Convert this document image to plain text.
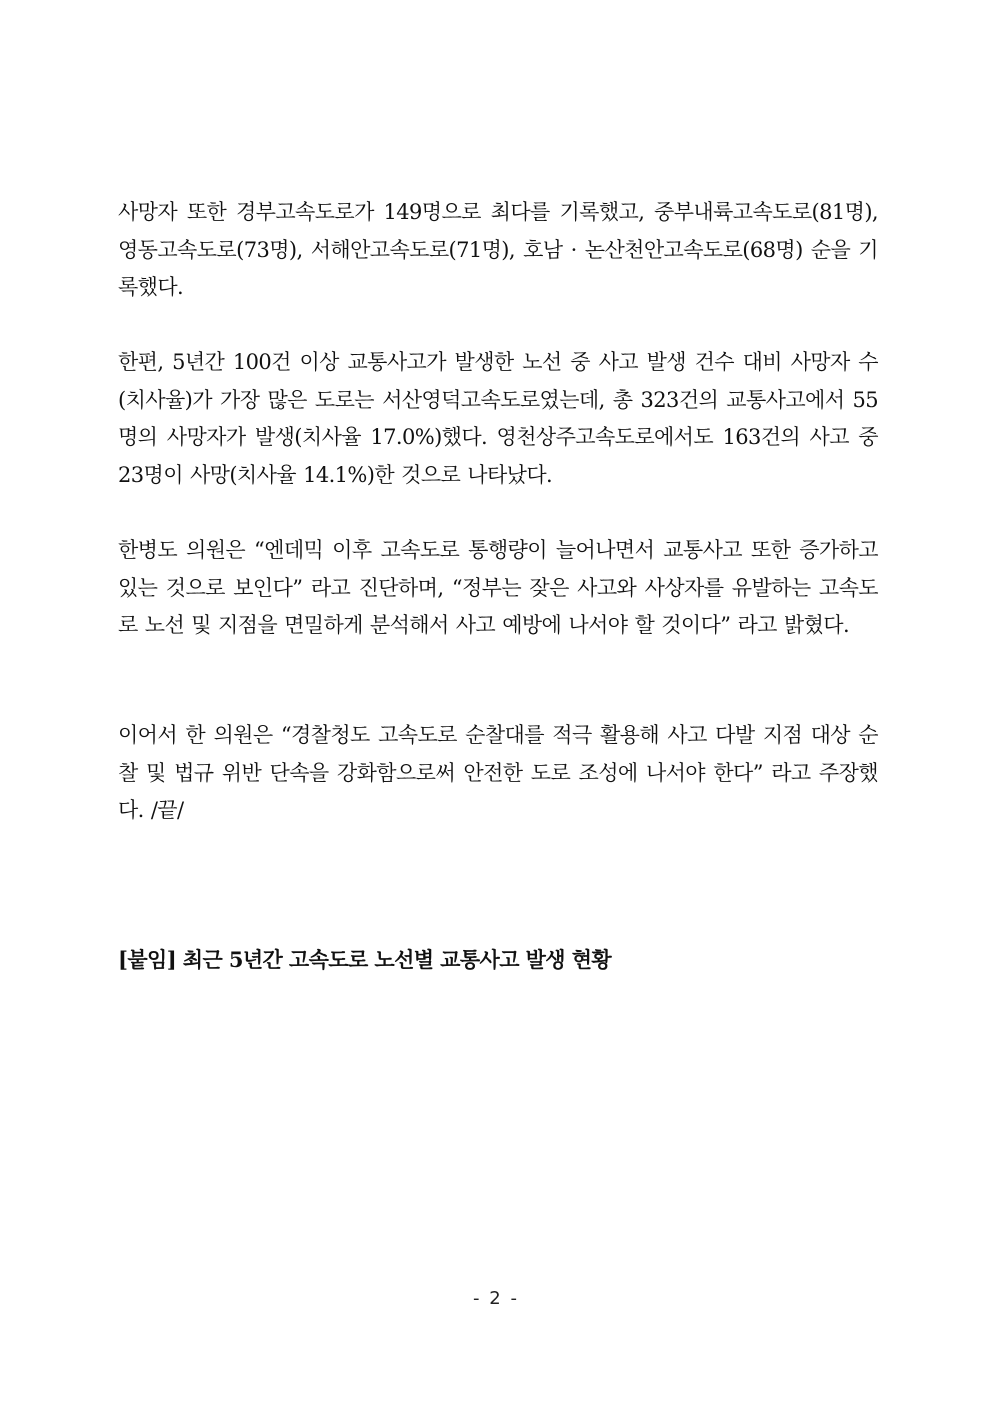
사망자 또한 경부고속도로가 149명으로 최다를 기록했고, 중부내륙고속도로(81명), 영동고속도로(73명), 서해안고속도로(71명), 호남 · 논산천안고속도로(68명) 순을 기록했다.

한편, 5년간 100건 이상 교통사고가 발생한 노선 중 사고 발생 건수 대비 사망자 수(치사율)가 가장 많은 도로는 서산영덕고속도로였는데, 총 323건의 교통사고에서 55명의 사망자가 발생(치사율 17.0%)했다. 영천상주고속도로에서도 163건의 사고 중 23명이 사망(치사율 14.1%)한 것으로 나타났다.

한병도 의원은 “엔데믹 이후 고속도로 통행량이 늘어나면서 교통사고 또한 증가하고 있는 것으로 보인다” 라고 진단하며, “정부는 잦은 사고와 사상자를 유발하는 고속도로 노선 및 지점을 면밀하게 분석해서 사고 예방에 나서야 할 것이다” 라고 밝혔다.

이어서 한 의원은 “경찰청도 고속도로 순찰대를 적극 활용해 사고 다발 지점 대상 순찰 및 법규 위반 단속을 강화함으로써 안전한 도로 조성에 나서야 한다” 라고 주장했다. /끝/

[붙임] 최근 5년간 고속도로 노선별 교통사고 발생 현황

- 2 -
